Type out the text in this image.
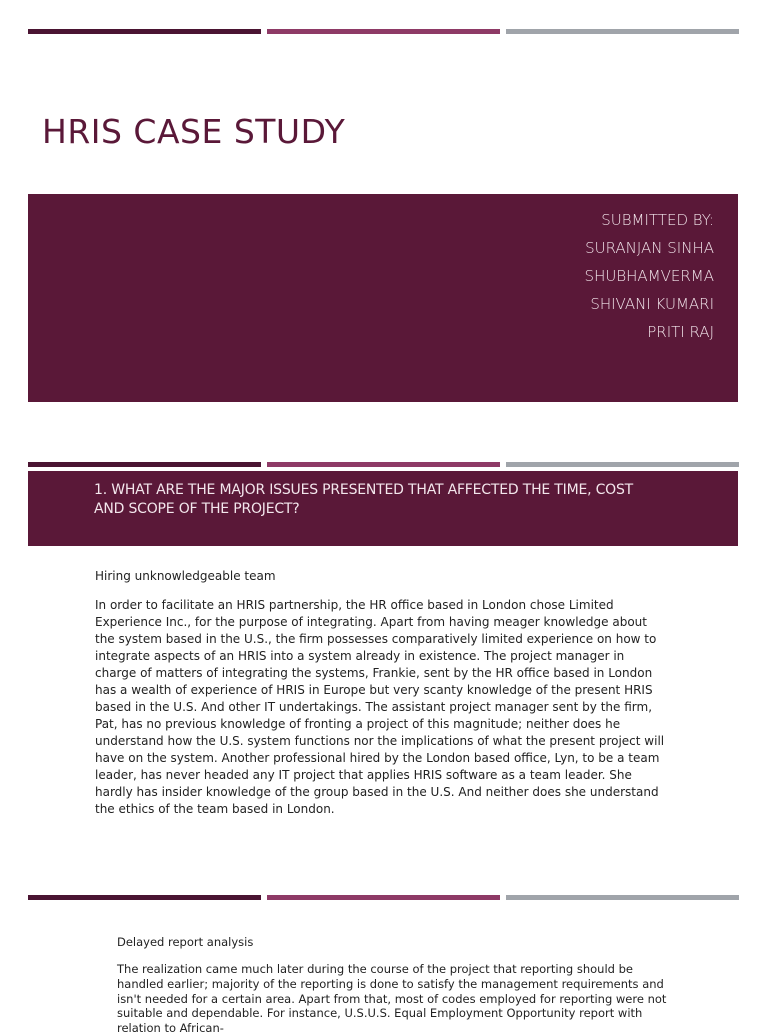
HRIS CASE STUDY
SUBMITTED BY:
SURANJAN SINHA
SHUBHAMVERMA
SHIVANI KUMARI
PRITI RAJ
1. WHAT ARE THE MAJOR ISSUES PRESENTED THAT AFFECTED THE TIME, COST AND SCOPE OF THE PROJECT?
Hiring unknowledgeable team

In order to facilitate an HRIS partnership, the HR office based in London chose Limited Experience Inc., for the purpose of integrating. Apart from having meager knowledge about the system based in the U.S., the firm possesses comparatively limited experience on how to integrate aspects of an HRIS into a system already in existence. The project manager in charge of matters of integrating the systems, Frankie, sent by the HR office based in London has a wealth of experience of HRIS in Europe but very scanty knowledge of the present HRIS based in the U.S. And other IT undertakings. The assistant project manager sent by the firm, Pat, has no previous knowledge of fronting a project of this magnitude; neither does he understand how the U.S. system functions nor the implications of what the present project will have on the system. Another professional hired by the London based office, Lyn, to be a team leader, has never headed any IT project that applies HRIS software as a team leader. She hardly has insider knowledge of the group based in the U.S. And neither does she understand the ethics of the team based in London.

Delayed report analysis

The realization came much later during the course of the project that reporting should be handled earlier; majority of the reporting is done to satisfy the management requirements and isn't needed for a certain area. Apart from that, most of codes employed for reporting were not suitable and dependable. For instance, U.S.U.S. Equal Employment Opportunity report with relation to African-
